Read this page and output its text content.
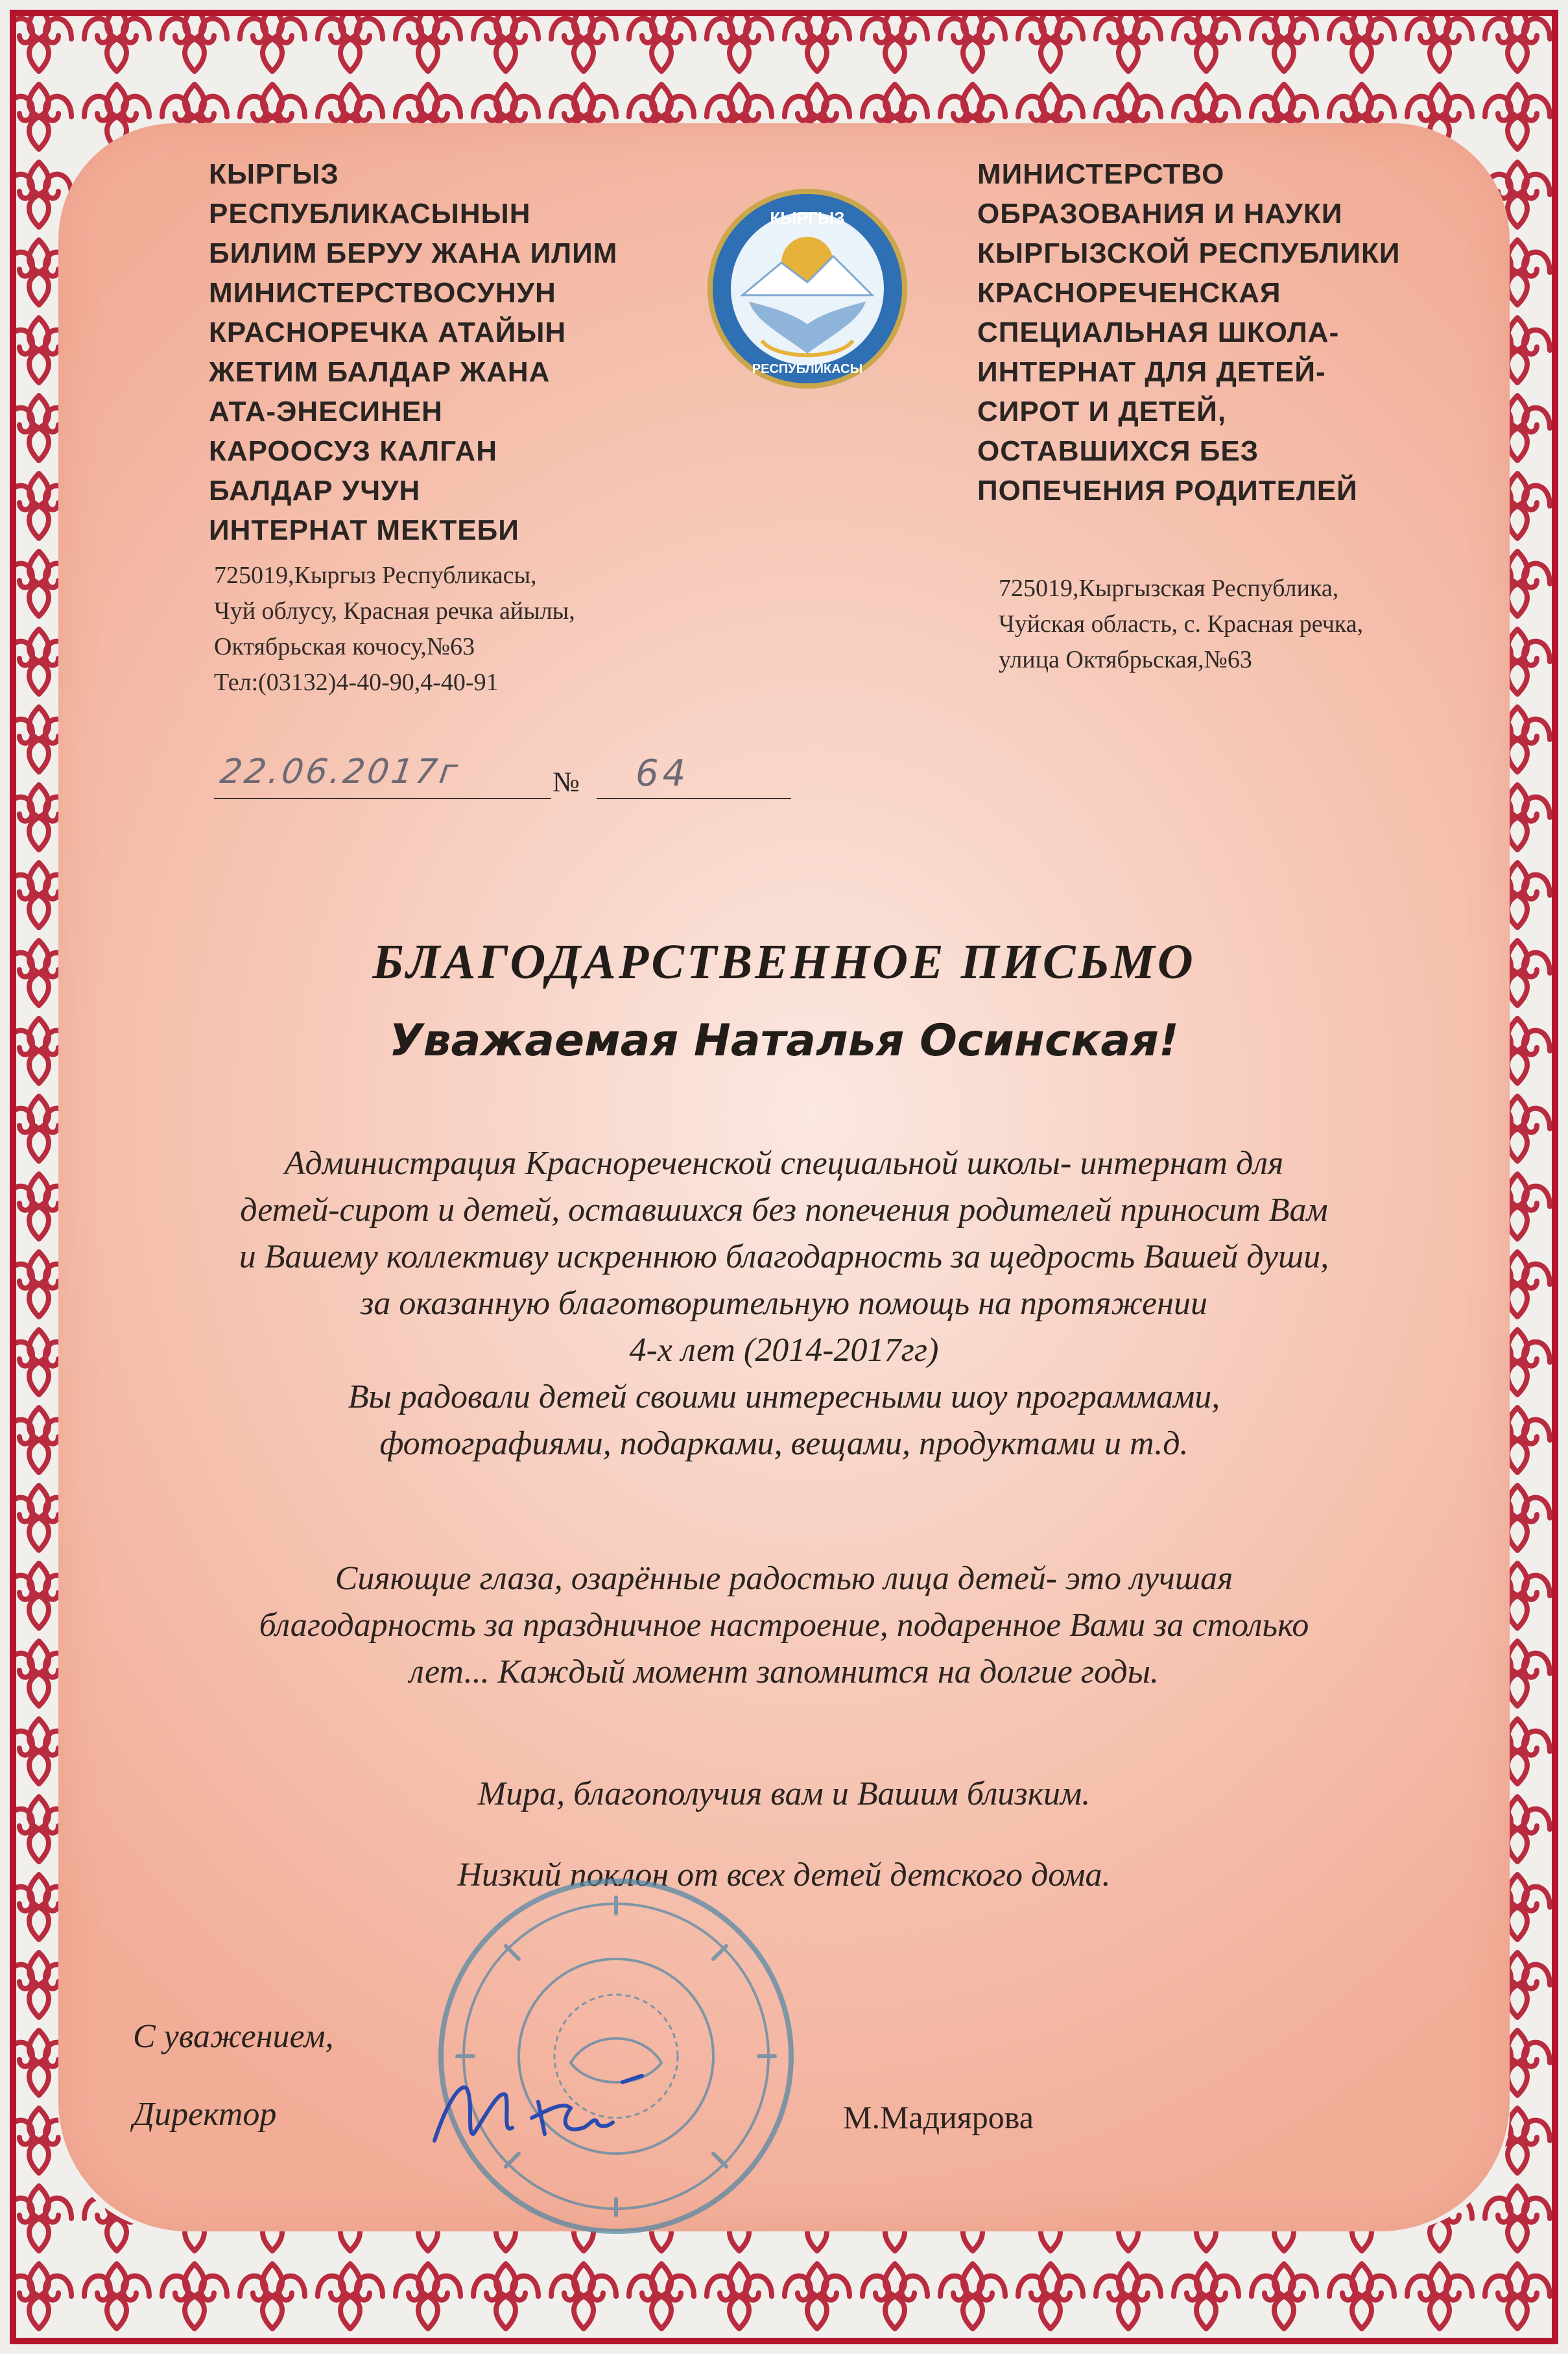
КЫРГЫЗ
РЕСПУБЛИКАСЫНЫН
БИЛИМ БЕРУУ ЖАНА ИЛИМ
МИНИСТЕРСТВОСУНУН
КРАСНОРЕЧКА АТАЙЫН
ЖЕТИМ БАЛДАР ЖАНА
АТА-ЭНЕСИНЕН
КАРООСУЗ КАЛГАН
БАЛДАР УЧУН
ИНТЕРНАТ МЕКТЕБИ
КЫРГЫЗ
РЕСПУБЛИКАСЫ
МИНИСТЕРСТВО
ОБРАЗОВАНИЯ И НАУКИ
КЫРГЫЗСКОЙ РЕСПУБЛИКИ
КРАСНОРЕЧЕНСКАЯ
СПЕЦИАЛЬНАЯ ШКОЛА-
ИНТЕРНАТ ДЛЯ ДЕТЕЙ-
СИРОТ И ДЕТЕЙ,
ОСТАВШИХСЯ БЕЗ
ПОПЕЧЕНИЯ РОДИТЕЛЕЙ
725019,Кыргыз Республикасы,
Чуй облусу, Красная речка айылы,
Октябрьская кочосу,№63
Тел:(03132)4-40-90,4-40-91
725019,Кыргызская Республика,
Чуйская область, с. Красная речка,
улица Октябрьская,№63
22.06.2017г	№ 64
БЛАГОДАРСТВЕННОЕ ПИСЬМО
Уважаемая Наталья Осинская!

Администрация Красноречeнской специальной школы- интернат для
детей-сирот и детей, оставшихся без попечения родителей приносит Вам
и Вашему коллективу искреннюю благодарность за щедрость Вашей души,
за оказанную благотворительную помощь на протяжении
4-х лет (2014-2017гг)
Вы радовали детей своими интересными шоу программами,
фотографиями, подарками, вещами, продуктами и т.д.

Сияющие глаза, озарённые радостью лица детей- это лучшая
благодарность за праздничное настроение, подаренное Вами за столько
лет... Каждый момент запомнится на долгие годы.

Мира, благополучия вам и Вашим близким.

Низкий поклон от всех детей детского дома.

С уважением,
Директор	М.Мадиярова
